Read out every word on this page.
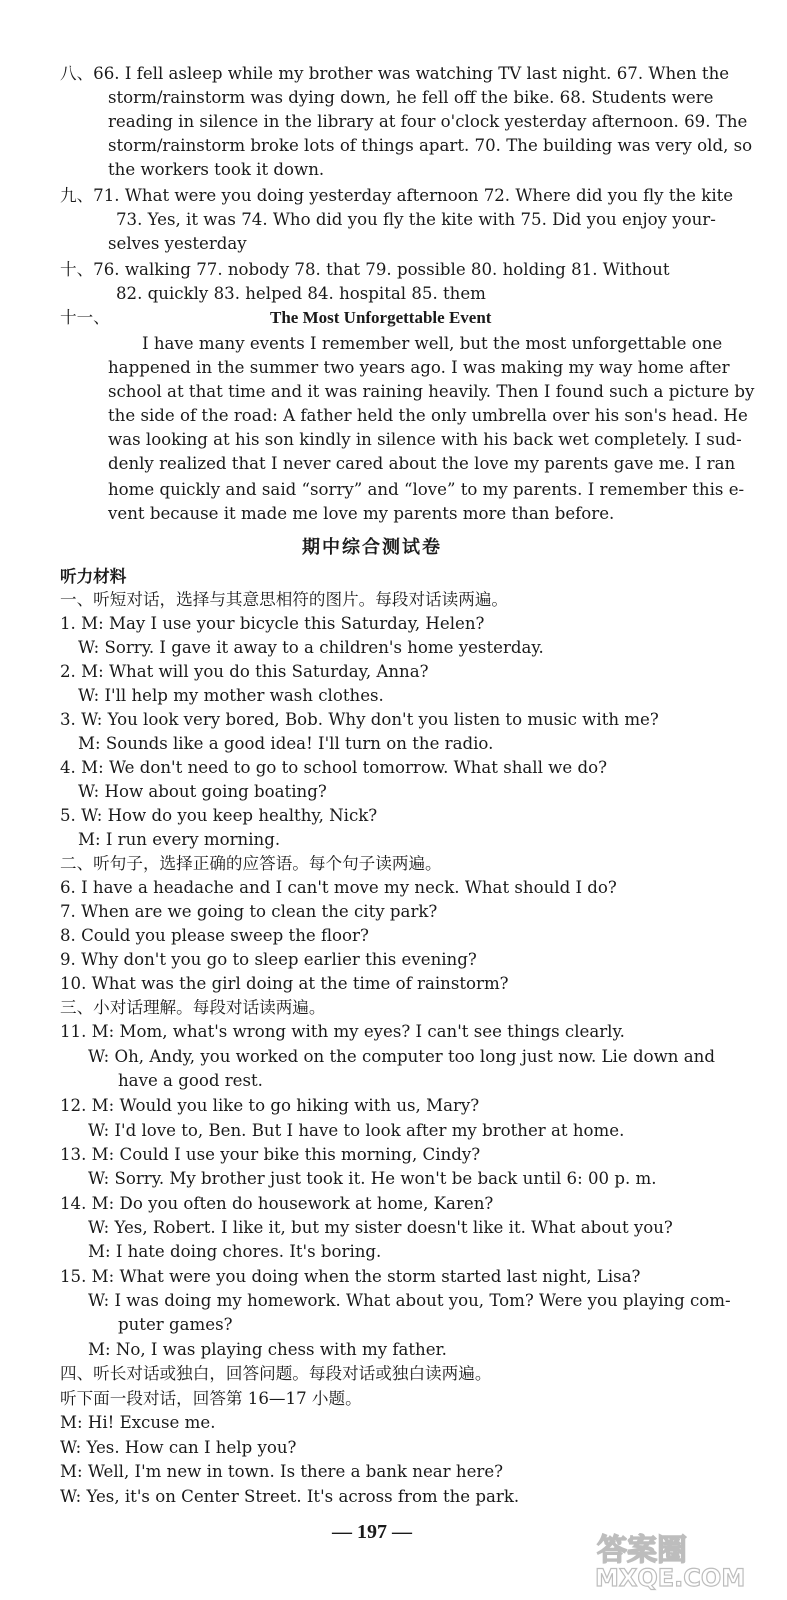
八、66. I fell asleep while my brother was watching TV last night. 67. When the
storm/rainstorm was dying down, he fell off the bike. 68. Students were
reading in silence in the library at four o'clock yesterday afternoon. 69. The
storm/rainstorm broke lots of things apart. 70. The building was very old, so
the workers took it down.
九、71. What were you doing yesterday afternoon 72. Where did you fly the kite
73. Yes, it was 74. Who did you fly the kite with 75. Did you enjoy your-
selves yesterday
十、76. walking 77. nobody 78. that 79. possible 80. holding 81. Without
82. quickly 83. helped 84. hospital 85. them
十一、	The Most Unforgettable Event
I have many events I remember well, but the most unforgettable one
happened in the summer two years ago. I was making my way home after
school at that time and it was raining heavily. Then I found such a picture by
the side of the road: A father held the only umbrella over his son's head. He
was looking at his son kindly in silence with his back wet completely. I sud-
denly realized that I never cared about the love my parents gave me. I ran
home quickly and said “sorry” and “love” to my parents. I remember this e-
vent because it made me love my parents more than before.
期中综合测试卷
听力材料
一、听短对话，选择与其意思相符的图片。每段对话读两遍。
1. M: May I use your bicycle this Saturday, Helen?
W: Sorry. I gave it away to a children's home yesterday.
2. M: What will you do this Saturday, Anna?
W: I'll help my mother wash clothes.
3. W: You look very bored, Bob. Why don't you listen to music with me?
M: Sounds like a good idea! I'll turn on the radio.
4. M: We don't need to go to school tomorrow. What shall we do?
W: How about going boating?
5. W: How do you keep healthy, Nick?
M: I run every morning.
二、听句子，选择正确的应答语。每个句子读两遍。
6. I have a headache and I can't move my neck. What should I do?
7. When are we going to clean the city park?
8. Could you please sweep the floor?
9. Why don't you go to sleep earlier this evening?
10. What was the girl doing at the time of rainstorm?
三、小对话理解。每段对话读两遍。
11. M: Mom, what's wrong with my eyes? I can't see things clearly.
W: Oh, Andy, you worked on the computer too long just now. Lie down and
have a good rest.
12. M: Would you like to go hiking with us, Mary?
W: I'd love to, Ben. But I have to look after my brother at home.
13. M: Could I use your bike this morning, Cindy?
W: Sorry. My brother just took it. He won't be back until 6: 00 p. m.
14. M: Do you often do housework at home, Karen?
W: Yes, Robert. I like it, but my sister doesn't like it. What about you?
M: I hate doing chores. It's boring.
15. M: What were you doing when the storm started last night, Lisa?
W: I was doing my homework. What about you, Tom? Were you playing com-
puter games?
M: No, I was playing chess with my father.
四、听长对话或独白，回答问题。每段对话或独白读两遍。
听下面一段对话，回答第 16—17 小题。
M: Hi! Excuse me.
W: Yes. How can I help you?
M: Well, I'm new in town. Is there a bank near here?
W: Yes, it's on Center Street. It's across from the park.
— 197 —
答案圈
MXQE.COM
